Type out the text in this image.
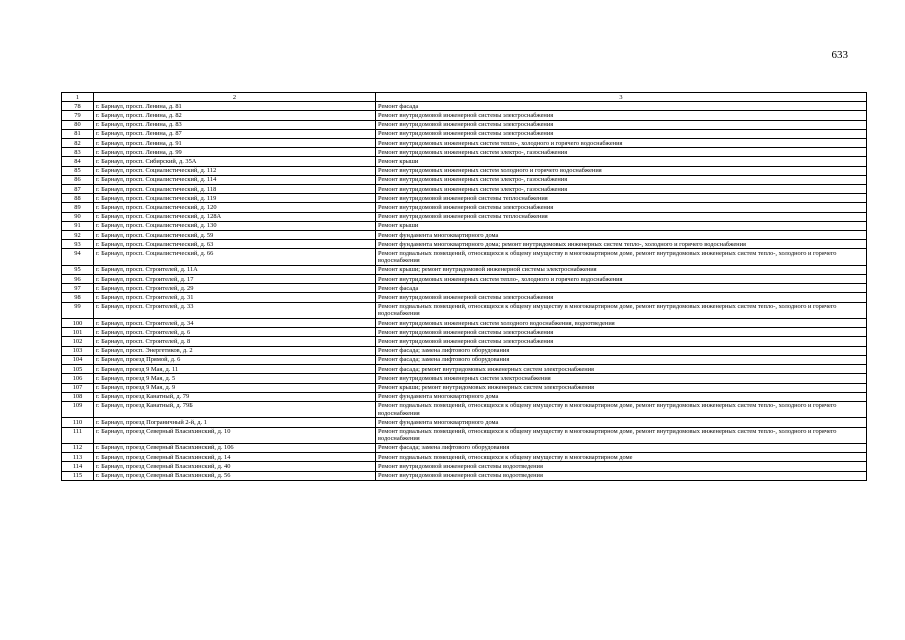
633
1	2	3
78	г. Барнаул, просп. Ленина, д. 81	Ремонт фасада
79	г. Барнаул, просп. Ленина, д. 82	Ремонт внутридомовой инженерной системы электроснабжения
80	г. Барнаул, просп. Ленина, д. 83	Ремонт внутридомовой инженерной системы электроснабжения
81	г. Барнаул, просп. Ленина, д. 87	Ремонт внутридомовой инженерной системы электроснабжения
82	г. Барнаул, просп. Ленина, д. 91	Ремонт внутридомовых инженерных систем тепло-, холодного и горячего водоснабжения
83	г. Барнаул, просп. Ленина, д. 99	Ремонт внутридомовых инженерных систем электро-, газоснабжения
84	г. Барнаул, просп. Сибирский, д. 35А	Ремонт крыши
85	г. Барнаул, просп. Социалистический, д. 112	Ремонт внутридомовых инженерных систем холодного и горячего водоснабжения
86	г. Барнаул, просп. Социалистический, д. 114	Ремонт внутридомовых инженерных систем электро-, газоснабжения
87	г. Барнаул, просп. Социалистический, д. 118	Ремонт внутридомовых инженерных систем электро-, газоснабжения
88	г. Барнаул, просп. Социалистический, д. 119	Ремонт внутридомовой инженерной системы теплоснабжения
89	г. Барнаул, просп. Социалистический, д. 120	Ремонт внутридомовой инженерной системы электроснабжения
90	г. Барнаул, просп. Социалистический, д. 128А	Ремонт внутридомовой инженерной системы теплоснабжения
91	г. Барнаул, просп. Социалистический, д. 130	Ремонт крыши
92	г. Барнаул, просп. Социалистический, д. 59	Ремонт фундамента многоквартирного дома
93	г. Барнаул, просп. Социалистический, д. 63	Ремонт фундамента многоквартирного дома; ремонт внутридомовых инженерных систем тепло-, холодного и горячего водоснабжения
94	г. Барнаул, просп. Социалистический, д. 66	Ремонт подвальных помещений, относящихся к общему имуществу в многоквартирном доме, ремонт внутридомовых инженерных систем тепло-, холодного и горячего водоснабжения
95	г. Барнаул, просп. Строителей, д. 11А	Ремонт крыши; ремонт внутридомовой инженерной системы электроснабжения
96	г. Барнаул, просп. Строителей, д. 17	Ремонт внутридомовых инженерных систем тепло-, холодного и горячего водоснабжения
97	г. Барнаул, просп. Строителей, д. 29	Ремонт фасада
98	г. Барнаул, просп. Строителей, д. 31	Ремонт внутридомовой инженерной системы электроснабжения
99	г. Барнаул, просп. Строителей, д. 33	Ремонт подвальных помещений, относящихся к общему имуществу в многоквартирном доме, ремонт внутридомовых инженерных систем тепло-, холодного и горячего водоснабжения
100	г. Барнаул, просп. Строителей, д. 34	Ремонт внутридомовых инженерных систем холодного водоснабжения, водоотведения
101	г. Барнаул, просп. Строителей, д. 6	Ремонт внутридомовой инженерной системы электроснабжения
102	г. Барнаул, просп. Строителей, д. 8	Ремонт внутридомовой инженерной системы электроснабжения
103	г. Барнаул, просп. Энергетиков, д. 2	Ремонт фасада; замена лифтового оборудования
104	г. Барнаул, проезд Прямой, д. 6	Ремонт фасада; замена лифтового оборудования
105	г. Барнаул, проезд 9 Мая, д. 11	Ремонт фасада; ремонт внутридомовых инженерных систем электроснабжения
106	г. Барнаул, проезд 9 Мая, д. 5	Ремонт внутридомовых инженерных систем электроснабжения
107	г. Барнаул, проезд 9 Мая, д. 9	Ремонт крыши; ремонт внутридомовых инженерных систем электроснабжения
108	г. Барнаул, проезд Канатный, д. 79	Ремонт фундамента многоквартирного дома
109	г. Барнаул, проезд Канатный, д. 79Б	Ремонт подвальных помещений, относящихся к общему имуществу в многоквартирном доме, ремонт внутридомовых инженерных систем тепло-, холодного и горячего водоснабжения
110	г. Барнаул, проезд Пограничный 2-й, д. 1	Ремонт фундамента многоквартирного дома
111	г. Барнаул, проезд Северный Власихинский, д. 10	Ремонт подвальных помещений, относящихся к общему имуществу в многоквартирном доме, ремонт внутридомовых инженерных систем тепло-, холодного и горячего водоснабжения
112	г. Барнаул, проезд Северный Власихинский, д. 106	Ремонт фасада; замена лифтового оборудования
113	г. Барнаул, проезд Северный Власихинский, д. 14	Ремонт подвальных помещений, относящихся к общему имуществу в многоквартирном доме
114	г. Барнаул, проезд Северный Власихинский, д. 40	Ремонт внутридомовой инженерной системы водоотведения
115	г. Барнаул, проезд Северный Власихинский, д. 56	Ремонт внутридомовой инженерной системы водоотведения
